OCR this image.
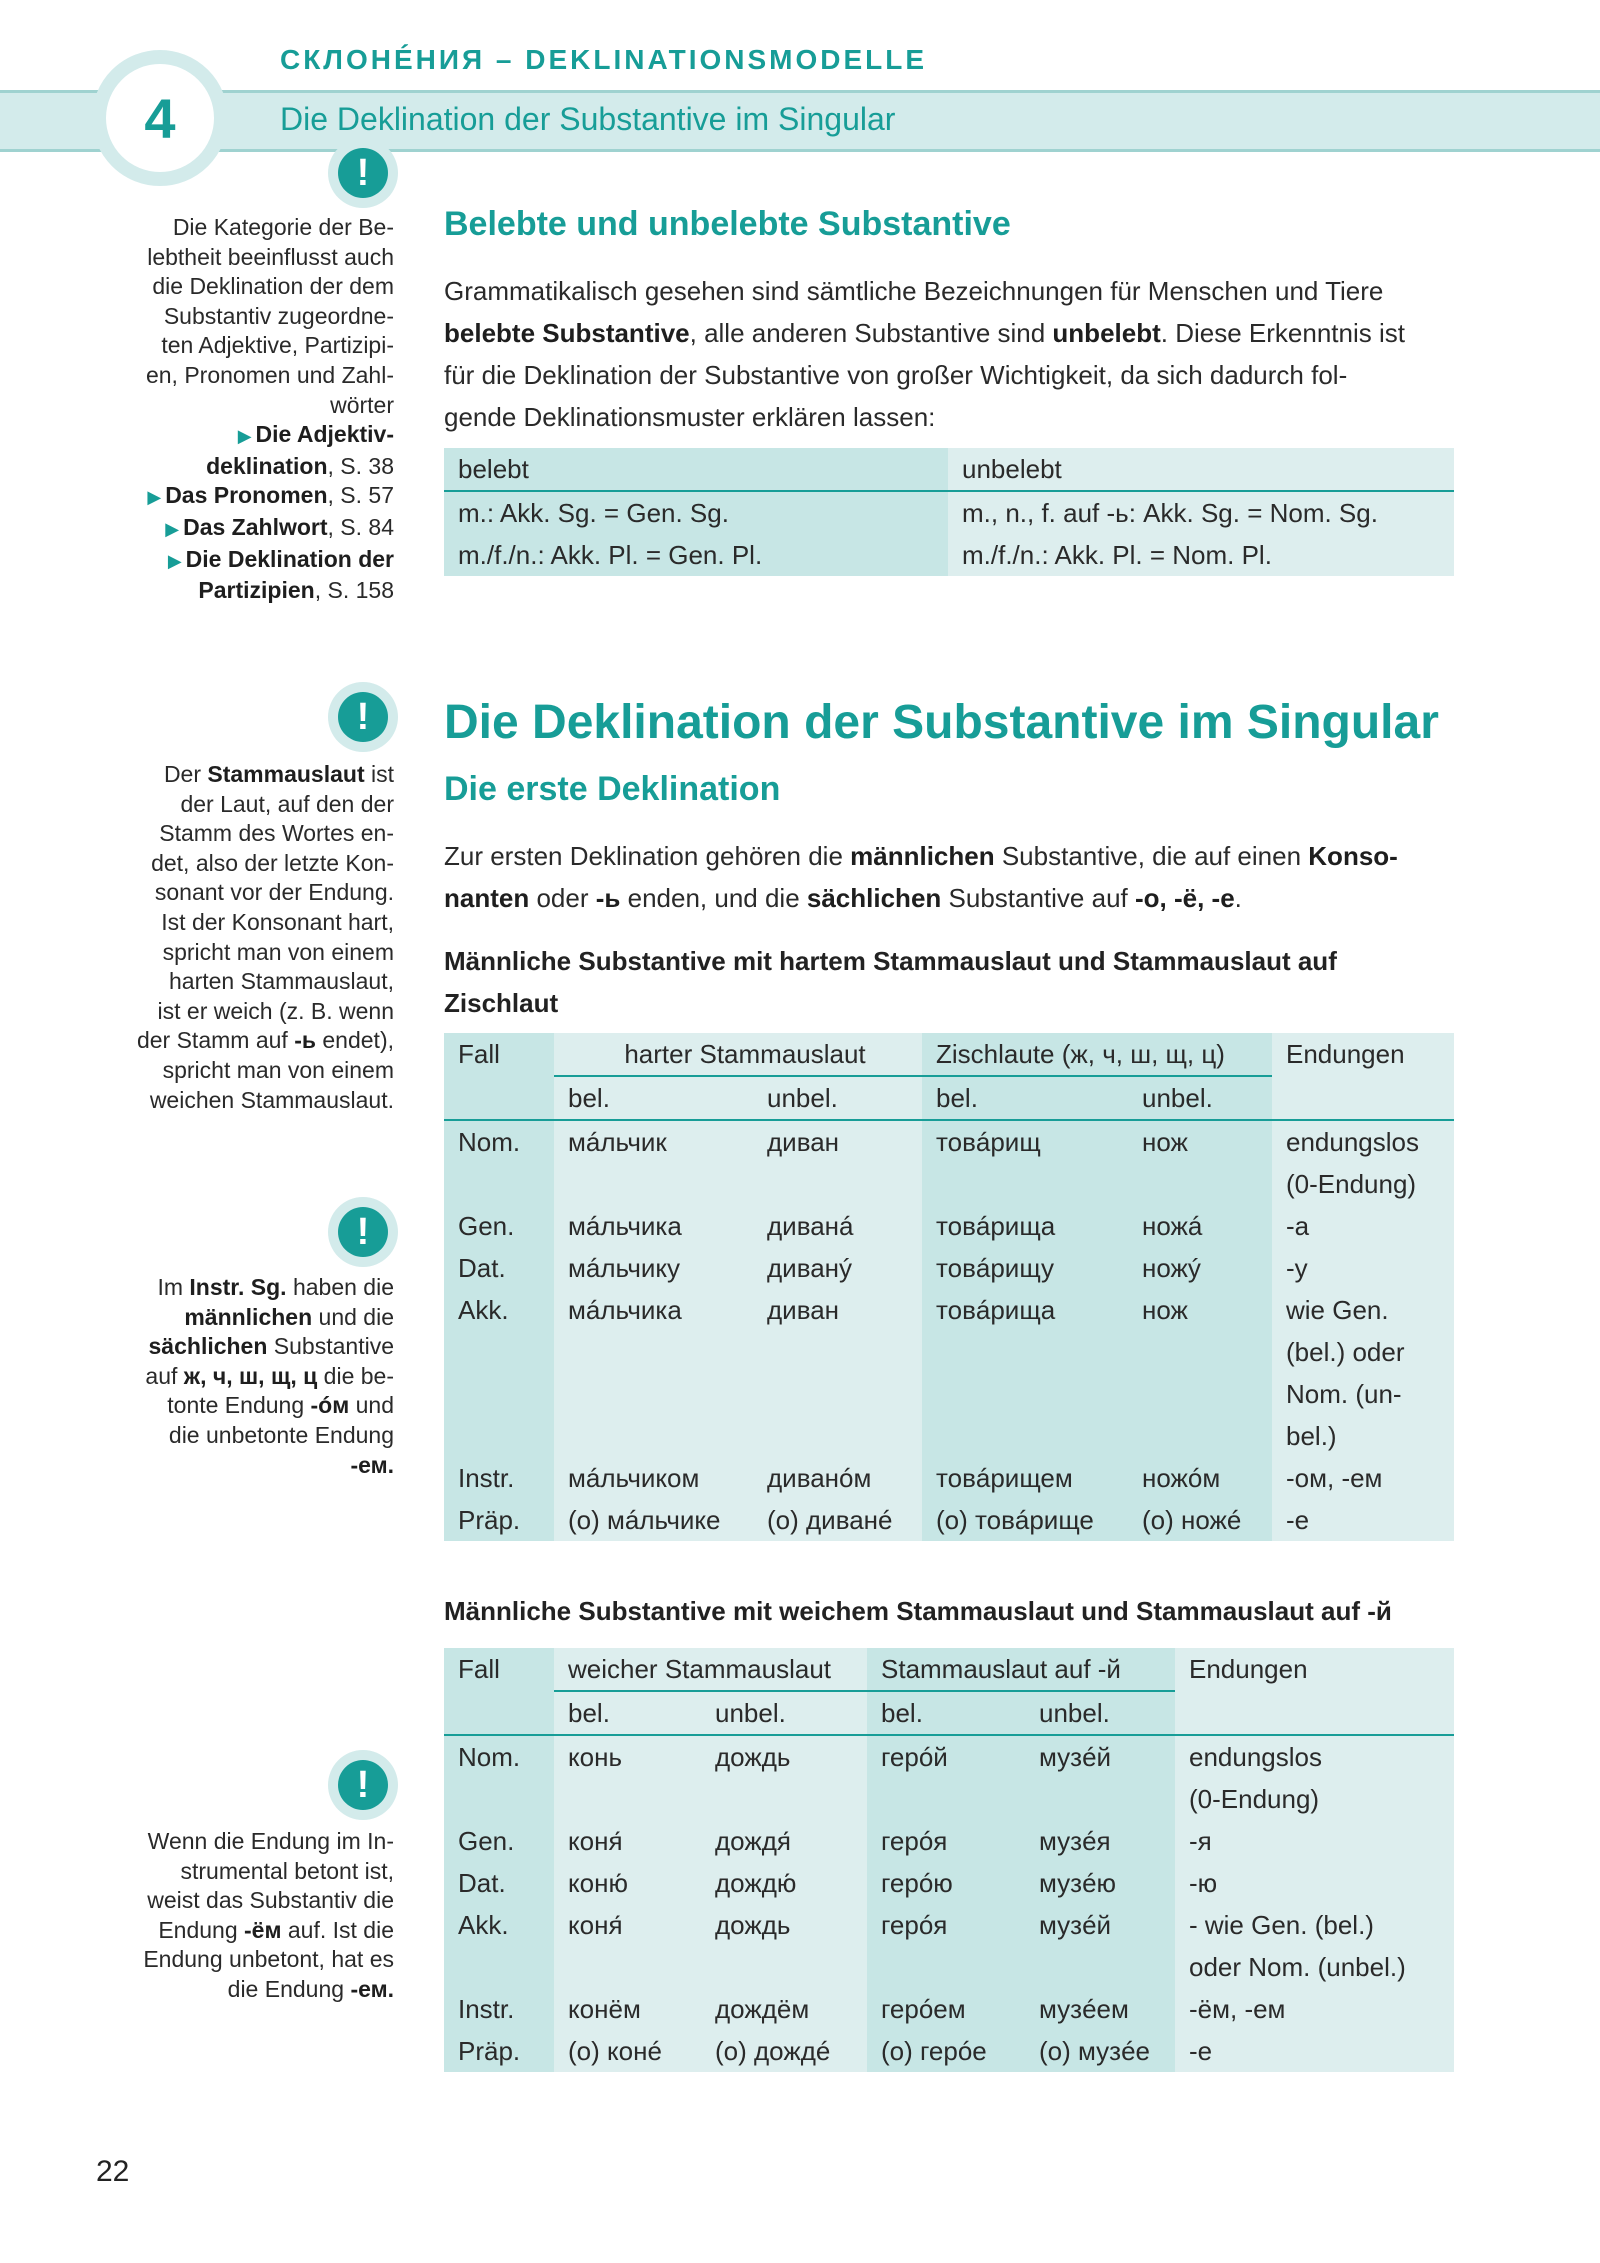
СКЛОНÉНИЯ – DEKLINATIONSMODELLE
Die Deklination der Substantive im Singular
4
!
!
!
!
Die Kategorie der Be-
lebtheit beeinflusst auch
die Deklination der dem
Substantiv zugeordne-
ten Adjektive, Partizipi-
en, Pronomen und Zahl-
wörter
▶ Die Adjektiv-
deklination, S. 38
▶ Das Pronomen, S. 57
▶ Das Zahlwort, S. 84
▶ Die Deklination der
Partizipien, S. 158
Der Stammauslaut ist
der Laut, auf den der
Stamm des Wortes en-
det, also der letzte Kon-
sonant vor der Endung.
Ist der Konsonant hart,
spricht man von einem
harten Stammauslaut,
ist er weich (z. B. wenn
der Stamm auf -ь endet),
spricht man von einem
weichen Stammauslaut.
Im Instr. Sg. haben die
männlichen und die
sächlichen Substantive
auf ж, ч, ш, щ, ц die be-
tonte Endung -óм und
die unbetonte Endung
-ем.
Wenn die Endung im In-
strumental betont ist,
weist das Substantiv die
Endung -ём auf. Ist die
Endung unbetont, hat es
die Endung -ем.
Belebte und unbelebte Substantive
Grammatikalisch gesehen sind sämtliche Bezeichnungen für Menschen und Tiere
belebte Substantive, alle anderen Substantive sind unbelebt. Diese Erkenntnis ist
für die Deklination der Substantive von großer Wichtigkeit, da sich dadurch fol-
gende Deklinationsmuster erklären lassen:
belebt	unbelebt
m.: Akk. Sg. = Gen. Sg.	m., n., f. auf -ь: Akk. Sg. = Nom. Sg.
m./f./n.: Akk. Pl. = Gen. Pl.	m./f./n.: Akk. Pl. = Nom. Pl.
Die Deklination der Substantive im Singular
Die erste Deklination
Zur ersten Deklination gehören die männlichen Substantive, die auf einen Konso-
nanten oder -ь enden, und die sächlichen Substantive auf -о, -ё, -е.
Männliche Substantive mit hartem Stammauslaut und Stammauslaut auf
Zischlaut
Fall	harter Stammauslaut		Zischlaute (ж, ч, ш, щ, ц)		Endungen
	bel.	unbel.	bel.	unbel.	
Nom.	мáльчик	диван	товáрищ	нож	endungslos
					(0-Endung)
Gen.	мáльчика	диванá	товáрища	ножá	-а
Dat.	мáльчику	диванý	товáрищу	ножý	-у
Akk.	мáльчика	диван	товáрища	нож	wie Gen.
					(bel.) oder
					Nom. (un-
					bel.)
Instr.	мáльчиком	диванóм	товáрищем	ножóм	-ом, -ем
Präp.	(о) мáльчике	(о) диванé	(о) товáрище	(о) ножé	-е
Männliche Substantive mit weichem Stammauslaut und Stammauslaut auf -й
Fall	weicher Stammauslaut		Stammauslaut auf -й		Endungen
	bel.	unbel.	bel.	unbel.	
Nom.	конь	дождь	герóй	музéй	endungslos
					(0-Endung)
Gen.	коня́	дождя́	герóя	музéя	-я
Dat.	коню́	дождю́	герóю	музéю	-ю
Akk.	коня́	дождь	герóя	музéй	- wie Gen. (bel.)
					oder Nom. (unbel.)
Instr.	конём	дождём	герóем	музéем	-ём, -ем
Präp.	(о) конé	(о) дождé	(о) герóе	(о) музéе	-е
22
